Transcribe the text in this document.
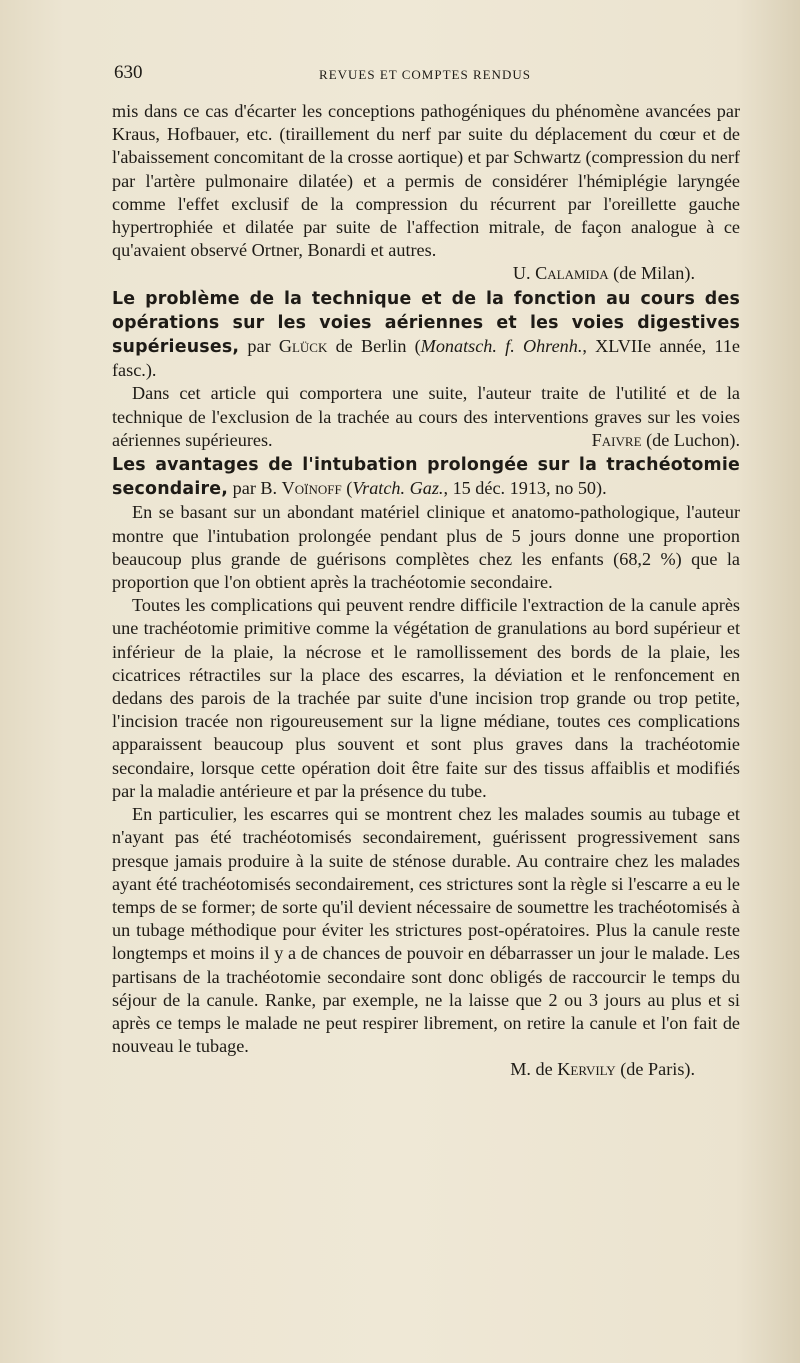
630	REVUES ET COMPTES RENDUS

mis dans ce cas d'écarter les conceptions pathogéniques du phénomène avancées par Kraus, Hofbauer, etc. (tiraillement du nerf par suite du déplacement du cœur et de l'abaissement concomitant de la crosse aortique) et par Schwartz (compression du nerf par l'artère pulmonaire dilatée) et a permis de considérer l'hémiplégie laryngée comme l'effet exclusif de la compression du récurrent par l'oreillette gauche hypertrophiée et dilatée par suite de l'affection mitrale, de façon analogue à ce qu'avaient observé Ortner, Bonardi et autres.

U. Calamida (de Milan).

Le problème de la technique et de la fonction au cours des opérations sur les voies aériennes et les voies digestives supérieuses, par Glück de Berlin (Monatsch. f. Ohrenh., XLVIIe année, 11e fasc.).

Dans cet article qui comportera une suite, l'auteur traite de l'utilité et de la technique de l'exclusion de la trachée au cours des interventions graves sur les voies aériennes supérieures.	Faivre (de Luchon).

Les avantages de l'intubation prolongée sur la trachéotomie secondaire, par B. Voïnoff (Vratch. Gaz., 15 déc. 1913, no 50).

En se basant sur un abondant matériel clinique et anatomo-pathologique, l'auteur montre que l'intubation prolongée pendant plus de 5 jours donne une proportion beaucoup plus grande de guérisons complètes chez les enfants (68,2 %) que la proportion que l'on obtient après la trachéotomie secondaire.

Toutes les complications qui peuvent rendre difficile l'extraction de la canule après une trachéotomie primitive comme la végétation de granulations au bord supérieur et inférieur de la plaie, la nécrose et le ramollissement des bords de la plaie, les cicatrices rétractiles sur la place des escarres, la déviation et le renfoncement en dedans des parois de la trachée par suite d'une incision trop grande ou trop petite, l'incision tracée non rigoureusement sur la ligne médiane, toutes ces complications apparaissent beaucoup plus souvent et sont plus graves dans la trachéotomie secondaire, lorsque cette opération doit être faite sur des tissus affaiblis et modifiés par la maladie antérieure et par la présence du tube.

En particulier, les escarres qui se montrent chez les malades soumis au tubage et n'ayant pas été trachéotomisés secondairement, guérissent progressivement sans presque jamais produire à la suite de sténose durable. Au contraire chez les malades ayant été trachéotomisés secondairement, ces strictures sont la règle si l'escarre a eu le temps de se former; de sorte qu'il devient nécessaire de soumettre les trachéotomisés à un tubage méthodique pour éviter les strictures post-opératoires. Plus la canule reste longtemps et moins il y a de chances de pouvoir en débarrasser un jour le malade. Les partisans de la trachéotomie secondaire sont donc obligés de raccourcir le temps du séjour de la canule. Ranke, par exemple, ne la laisse que 2 ou 3 jours au plus et si après ce temps le malade ne peut respirer librement, on retire la canule et l'on fait de nouveau le tubage.

M. de Kervily (de Paris).
